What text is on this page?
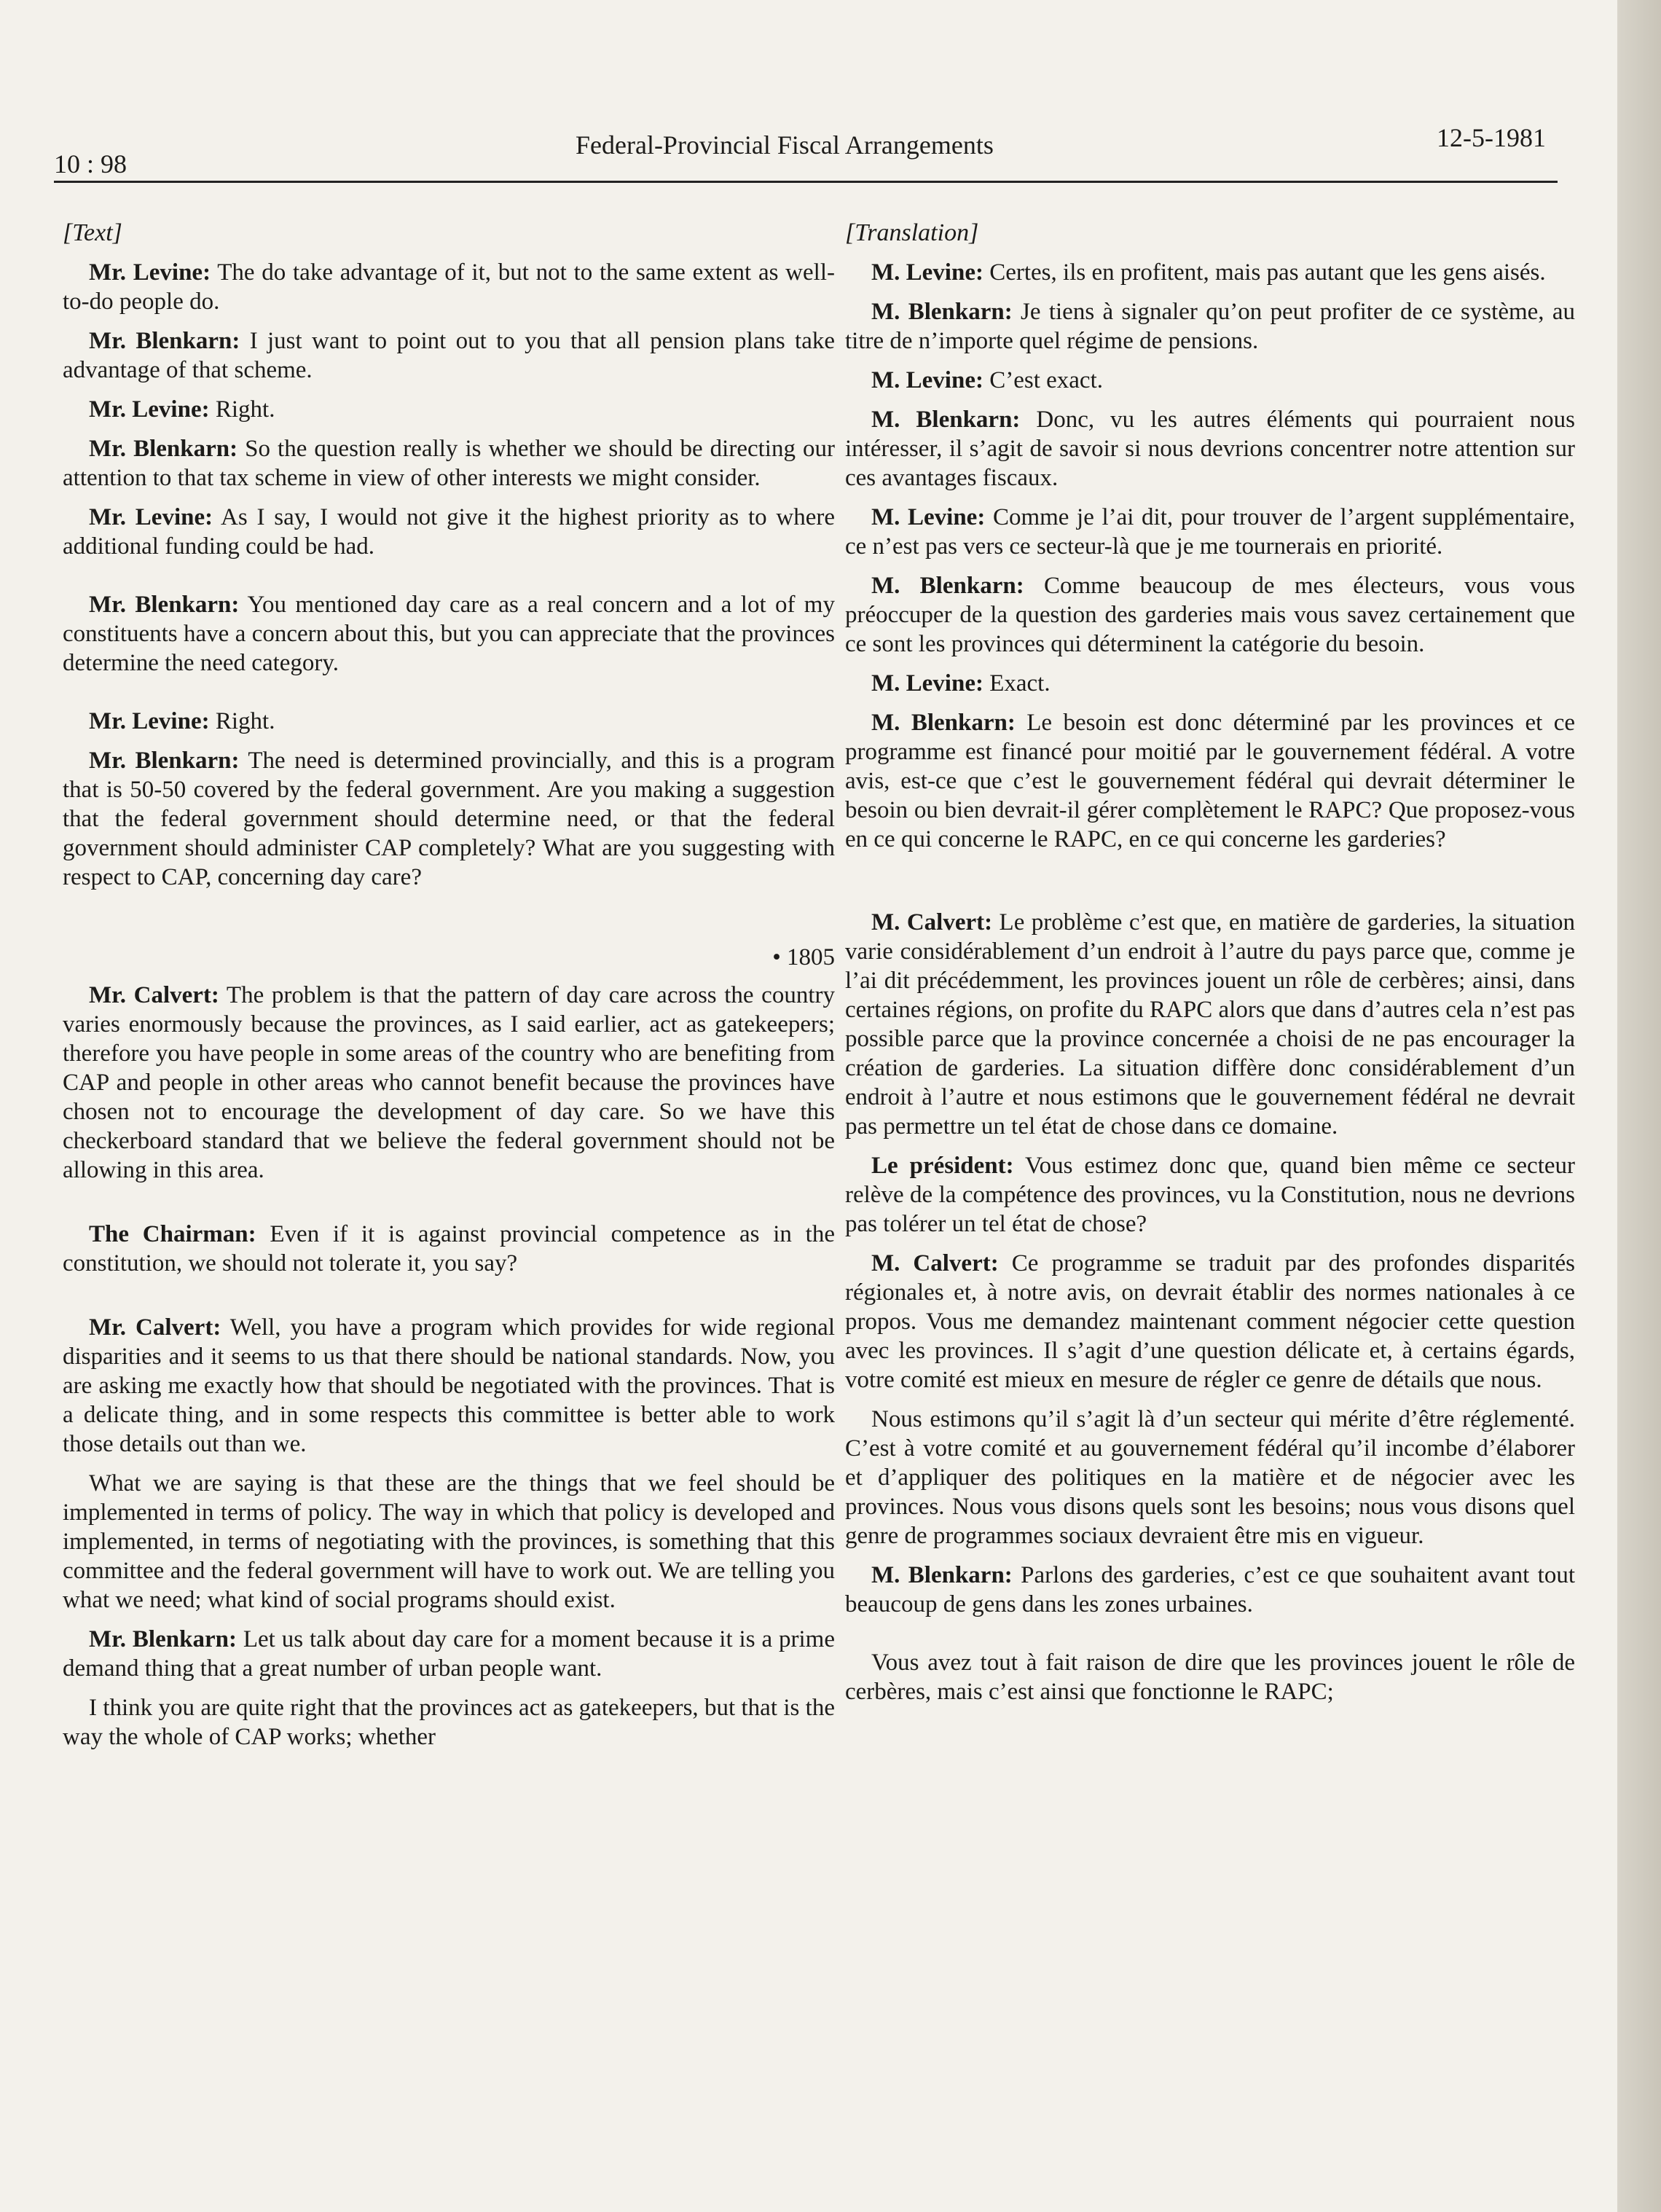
10 : 98
Federal-Provincial Fiscal Arrangements	12-5-1981
[Text]
Mr. Levine: The do take advantage of it, but not to the same extent as well-to-do people do.
Mr. Blenkarn: I just want to point out to you that all pension plans take advantage of that scheme.
Mr. Levine: Right.
Mr. Blenkarn: So the question really is whether we should be directing our attention to that tax scheme in view of other interests we might consider.
Mr. Levine: As I say, I would not give it the highest priority as to where additional funding could be had.
Mr. Blenkarn: You mentioned day care as a real concern and a lot of my constituents have a concern about this, but you can appreciate that the provinces determine the need category.
Mr. Levine: Right.
Mr. Blenkarn: The need is determined provincially, and this is a program that is 50-50 covered by the federal government. Are you making a suggestion that the federal government should determine need, or that the federal government should administer CAP completely? What are you suggesting with respect to CAP, concerning day care?
• 1805
Mr. Calvert: The problem is that the pattern of day care across the country varies enormously because the provinces, as I said earlier, act as gatekeepers; therefore you have people in some areas of the country who are benefiting from CAP and people in other areas who cannot benefit because the provinces have chosen not to encourage the development of day care. So we have this checkerboard standard that we believe the federal government should not be allowing in this area.
The Chairman: Even if it is against provincial competence as in the constitution, we should not tolerate it, you say?
Mr. Calvert: Well, you have a program which provides for wide regional disparities and it seems to us that there should be national standards. Now, you are asking me exactly how that should be negotiated with the provinces. That is a delicate thing, and in some respects this committee is better able to work those details out than we.
What we are saying is that these are the things that we feel should be implemented in terms of policy. The way in which that policy is developed and implemented, in terms of negotiating with the provinces, is something that this committee and the federal government will have to work out. We are telling you what we need; what kind of social programs should exist.
Mr. Blenkarn: Let us talk about day care for a moment because it is a prime demand thing that a great number of urban people want.
I think you are quite right that the provinces act as gatekeepers, but that is the way the whole of CAP works; whether
[Translation]
M. Levine: Certes, ils en profitent, mais pas autant que les gens aisés.
M. Blenkarn: Je tiens à signaler qu’on peut profiter de ce système, au titre de n’importe quel régime de pensions.
M. Levine: C’est exact.
M. Blenkarn: Donc, vu les autres éléments qui pourraient nous intéresser, il s’agit de savoir si nous devrions concentrer notre attention sur ces avantages fiscaux.
M. Levine: Comme je l’ai dit, pour trouver de l’argent supplémentaire, ce n’est pas vers ce secteur-là que je me tournerais en priorité.
M. Blenkarn: Comme beaucoup de mes électeurs, vous vous préoccuper de la question des garderies mais vous savez certainement que ce sont les provinces qui déterminent la catégorie du besoin.
M. Levine: Exact.
M. Blenkarn: Le besoin est donc déterminé par les provinces et ce programme est financé pour moitié par le gouvernement fédéral. A votre avis, est-ce que c’est le gouvernement fédéral qui devrait déterminer le besoin ou bien devrait-il gérer complètement le RAPC? Que proposez-vous en ce qui concerne le RAPC, en ce qui concerne les garderies?
M. Calvert: Le problème c’est que, en matière de garderies, la situation varie considérablement d’un endroit à l’autre du pays parce que, comme je l’ai dit précédemment, les provinces jouent un rôle de cerbères; ainsi, dans certaines régions, on profite du RAPC alors que dans d’autres cela n’est pas possible parce que la province concernée a choisi de ne pas encourager la création de garderies. La situation diffère donc considérablement d’un endroit à l’autre et nous estimons que le gouvernement fédéral ne devrait pas permettre un tel état de chose dans ce domaine.
Le président: Vous estimez donc que, quand bien même ce secteur relève de la compétence des provinces, vu la Constitution, nous ne devrions pas tolérer un tel état de chose?
M. Calvert: Ce programme se traduit par des profondes disparités régionales et, à notre avis, on devrait établir des normes nationales à ce propos. Vous me demandez maintenant comment négocier cette question avec les provinces. Il s’agit d’une question délicate et, à certains égards, votre comité est mieux en mesure de régler ce genre de détails que nous.
Nous estimons qu’il s’agit là d’un secteur qui mérite d’être réglementé. C’est à votre comité et au gouvernement fédéral qu’il incombe d’élaborer et d’appliquer des politiques en la matière et de négocier avec les provinces. Nous vous disons quels sont les besoins; nous vous disons quel genre de programmes sociaux devraient être mis en vigueur.
M. Blenkarn: Parlons des garderies, c’est ce que souhaitent avant tout beaucoup de gens dans les zones urbaines.
Vous avez tout à fait raison de dire que les provinces jouent le rôle de cerbères, mais c’est ainsi que fonctionne le RAPC;
